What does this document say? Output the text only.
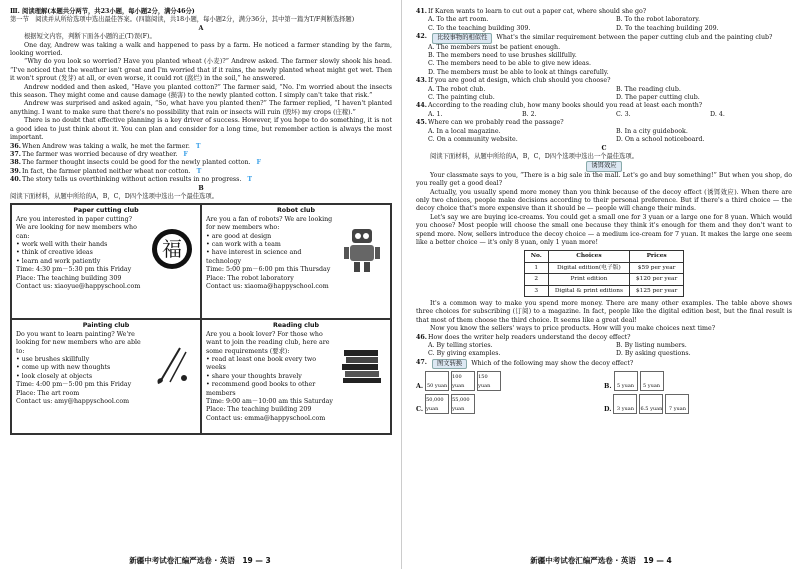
Ⅲ. 阅读理解(本题共分两节，共23小题，每小题2分，满分46分)
第一节　阅读并从所给选项中选出最佳答案。(四篇阅读，共18小题，每小题2分，满分36分，其中第一篇为T/F判断选择题)
A

根据短文内容，判断下面各小题的正(T)误(F)。

One day, Andrew was taking a walk and happened to pass by a farm. He noticed a farmer standing by the farm, looking worried.

“Why do you look so worried? Have you planted wheat (小麦)?” Andrew asked. The farmer slowly shook his head. “I've noticed that the weather isn't great and I'm worried that if it rains, the newly planted wheat might get wet. Then it won't sprout (发芽) at all, or even worse, it could rot (腐烂) in the soil,” he answered.

Andrew nodded and then asked, “Have you planted cotton?” The farmer said, “No. I'm worried about the insects this season. They might come and cause damage (损害) to the newly planted cotton. I simply can't take that risk.”

Andrew was surprised and asked again, “So, what have you planted then?” The farmer replied, “I haven't planted anything. I want to make sure that there's no possibility that rain or insects will ruin (毁坏) my crops (庄稼).”

There is no doubt that effective planning is a key driver of success. However, if you hope to do something, it is not a good idea to just think about it. You can plan and consider for a long time, but remember action is always the most important.

36. When Andrew was taking a walk, he met the farmer. T
37. The farmer was worried because of dry weather. F
38. The farmer thought insects could be good for the newly planted cotton. F
39. In fact, the farmer planted neither wheat nor cotton. T
40. The story tells us overthinking without action results in no progress. T
B
阅读下面材料，从题中所给的A，B，C，D四个选项中选出一个最佳选项。
Paper cutting club
Are you interested in paper cutting?
We are looking for new members who can:
• work well with their hands
• think of creative ideas
• learn and work patiently
Time: 4:30 pm－5:30 pm this Friday
Place: The teaching building 309
Contact us: xiaoyue@happyschool.com
福
Robot club
Are you a fan of robots? We are looking for new members who:
• are good at design
• can work with a team
• have interest in science and technology
Time: 5:00 pm－6:00 pm this Thursday
Place: The robot laboratory
Contact us: xiaoma@happyschool.com
Painting club
Do you want to learn painting? We're looking for new members who are able to:
• use brushes skillfully
• come up with new thoughts
• look closely at objects
Time: 4:00 pm－5:00 pm this Friday
Place: The art room
Contact us: amy@happyschool.com
Reading club
Are you a book lover? For those who want to join the reading club, here are some requirements (要求):
• read at least one book every two weeks
• share your thoughts bravely
• recommend good books to other members
Time: 9:00 am－10:00 am this Saturday
Place: The teaching building 209
Contact us: emma@happyschool.com
新疆中考试卷汇编严选卷 · 英语　19 — 3
41. If Karen wants to learn to cut out a paper cat, where should she go?
A. To the art room.	B. To the robot laboratory.
C. To the teaching building 309.	D. To the teaching building 209.
42.	比较事物的相似性 What's the similar requirement between the paper cutting club and the painting club?
A. The members must be patient enough.
B. The members need to use brushes skillfully.
C. The members need to be able to give new ideas.
D. The members must be able to look at things carefully.
43. If you are good at design, which club should you choose?
A. The robot club.	B. The reading club.
C. The painting club.	D. The paper cutting club.
44. According to the reading club, how many books should you read at least each month?
A. 1.	B. 2.	C. 3.	D. 4.
45. Where can we probably read the passage?
A. In a local magazine.	B. In a city guidebook.
C. On a community website.	D. On a school noticeboard.
C

阅读下面材料，从题中所给的A，B，C，D四个选项中选出一个最佳选项。

诱饵效应

Your classmate says to you, “There is a big sale in the mall. Let's go and buy something!” But when you shop, do you really get a good deal?

Actually, you usually spend more money than you think because of the decoy effect (诱饵效应). When there are only two choices, people make decisions according to their personal preference. But if there's a third choice — the decoy choice that's more expensive than it should be — people will change their minds.

Let's say we are buying ice-creams. You could get a small one for 3 yuan or a large one for 8 yuan. Which would you choose? Most people will choose the small one because they think it's enough for them and they don't want to spend more. Now, sellers introduce the decoy choice — a medium ice-cream for 7 yuan. It makes the large one seem like a better choice — it's only 8 yuan, only 1 yuan more!

No.	Choices	Prices
1	Digital edition(电子版)	$59 per year
2	Print edition	$120 per year
3	Digital & print editions	$125 per year

It's a common way to make you spend more money. There are many other examples. The table above shows three choices for subscribing (订阅) to a magazine. In fact, people like the digital edition best, but the final result is that most of them choose the third choice. It seems like a great deal!

Now you know the sellers' ways to price products. How will you make choices next time?

46. How does the writer help readers understand the decoy effect?
A. By telling stories.	B. By listing numbers.
C. By giving examples.	D. By asking questions.
47.	图文转换 Which of the following may show the decoy effect?
A. 50 yuan
100 yuan
150 yuan
C.
50,000 yuan
55,000 yuan
B.	5 yuan	5 yuan
D.	3 yuan	6.5 yuan	7 yuan
新疆中考试卷汇编严选卷 · 英语　19 — 4
